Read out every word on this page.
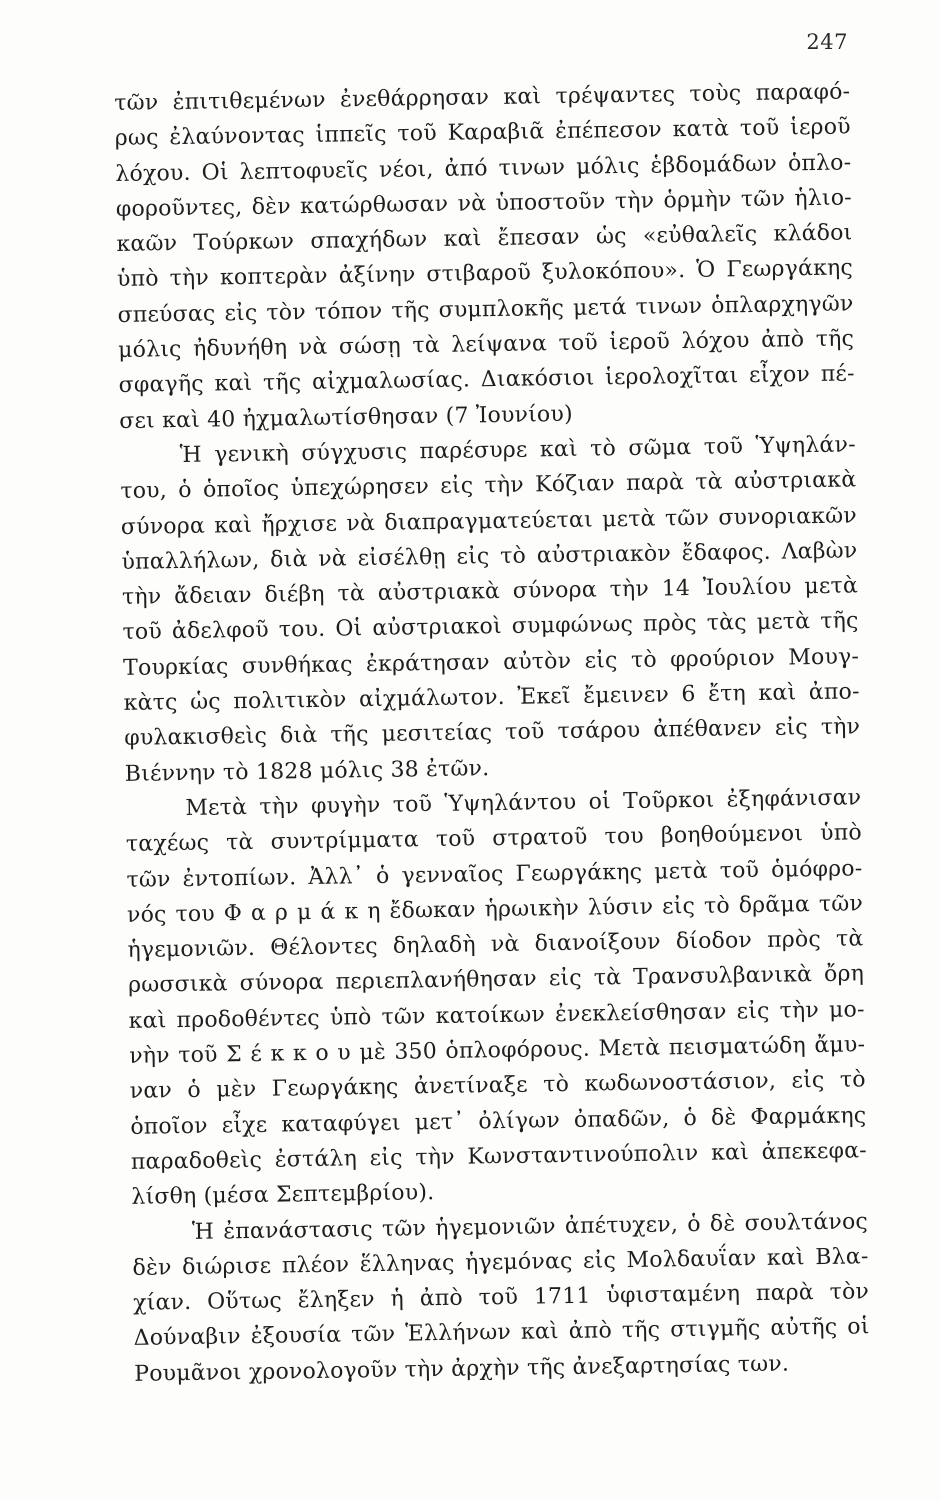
247
τῶν ἐπιτιθεμένων ἐνεθάρρησαν καὶ τρέψαντες τοὺς παραφό-
ρως ἐλαύνοντας ἱππεῖς τοῦ Καραβιᾶ ἐπέπεσον κατὰ τοῦ ἱεροῦ
λόχου. Οἱ λεπτοφυεῖς νέοι, ἀπό τινων μόλις ἑβδομάδων ὁπλο-
φοροῦντες, δὲν κατώρθωσαν νὰ ὑποστοῦν τὴν ὁρμὴν τῶν ἡλιο-
καῶν Τούρκων σπαχήδων καὶ ἔπεσαν ὡς «εὐθαλεῖς κλάδοι
ὑπὸ τὴν κοπτερὰν ἀξίνην στιβαροῦ ξυλοκόπου». Ὁ Γεωργάκης
σπεύσας εἰς τὸν τόπον τῆς συμπλοκῆς μετά τινων ὁπλαρχηγῶν
μόλις ἠδυνήθη νὰ σώσῃ τὰ λείψανα τοῦ ἱεροῦ λόχου ἀπὸ τῆς
σφαγῆς καὶ τῆς αἰχμαλωσίας. Διακόσιοι ἱερολοχῖται εἶχον πέ-
σει καὶ 40 ἠχμαλωτίσθησαν (7 Ἰουνίου)
Ἡ γενικὴ σύγχυσις παρέσυρε καὶ τὸ σῶμα τοῦ Ὑψηλάν-
του, ὁ ὁποῖος ὑπεχώρησεν εἰς τὴν Κόζιαν παρὰ τὰ αὐστριακὰ
σύνορα καὶ ἤρχισε νὰ διαπραγματεύεται μετὰ τῶν συνοριακῶν
ὑπαλλήλων, διὰ νὰ εἰσέλθῃ εἰς τὸ αὐστριακὸν ἔδαφος. Λαβὼν
τὴν ἄδειαν διέβη τὰ αὐστριακὰ σύνορα τὴν 14 Ἰουλίου μετὰ
τοῦ ἀδελφοῦ του. Οἱ αὐστριακοὶ συμφώνως πρὸς τὰς μετὰ τῆς
Τουρκίας συνθήκας ἐκράτησαν αὐτὸν εἰς τὸ φρούριον Μουγ-
κὰτς ὡς πολιτικὸν αἰχμάλωτον. Ἐκεῖ ἔμεινεν 6 ἔτη καὶ ἀπο-
φυλακισθεὶς διὰ τῆς μεσιτείας τοῦ τσάρου ἀπέθανεν εἰς τὴν
Βιέννην τὸ 1828 μόλις 38 ἐτῶν.
Μετὰ τὴν φυγὴν τοῦ Ὑψηλάντου οἱ Τοῦρκοι ἐξηφάνισαν
ταχέως τὰ συντρίμματα τοῦ στρατοῦ του βοηθούμενοι ὑπὸ
τῶν ἐντοπίων. Ἀλλ᾿ ὁ γενναῖος Γεωργάκης μετὰ τοῦ ὁμόφρο-
νός του Φ α ρ μ ά κ η ἔδωκαν ἡρωικὴν λύσιν εἰς τὸ δρᾶμα τῶν
ἡγεμονιῶν. Θέλοντες δηλαδὴ νὰ διανοίξουν δίοδον πρὸς τὰ
ρωσσικὰ σύνορα περιεπλανήθησαν εἰς τὰ Τρανσυλβανικὰ ὄρη
καὶ προδοθέντες ὑπὸ τῶν κατοίκων ἐνεκλείσθησαν εἰς τὴν μο-
νὴν τοῦ Σ έ κ κ ο υ μὲ 350 ὁπλοφόρους. Μετὰ πεισματώδη ἄμυ-
ναν ὁ μὲν Γεωργάκης ἀνετίναξε τὸ κωδωνοστάσιον, εἰς τὸ
ὁποῖον εἶχε καταφύγει μετ᾿ ὀλίγων ὀπαδῶν, ὁ δὲ Φαρμάκης
παραδοθεὶς ἐστάλη εἰς τὴν Κωνσταντινούπολιν καὶ ἀπεκεφα-
λίσθη (μέσα Σεπτεμβρίου).
Ἡ ἐπανάστασις τῶν ἡγεμονιῶν ἀπέτυχεν, ὁ δὲ σουλτάνος
δὲν διώρισε πλέον ἕλληνας ἡγεμόνας εἰς Μολδαυΐαν καὶ Βλα-
χίαν. Οὕτως ἔληξεν ἡ ἀπὸ τοῦ 1711 ὑφισταμένη παρὰ τὸν
Δούναβιν ἐξουσία τῶν Ἑλλήνων καὶ ἀπὸ τῆς στιγμῆς αὐτῆς οἱ
Ρουμᾶνοι χρονολογοῦν τὴν ἀρχὴν τῆς ἀνεξαρτησίας των.
